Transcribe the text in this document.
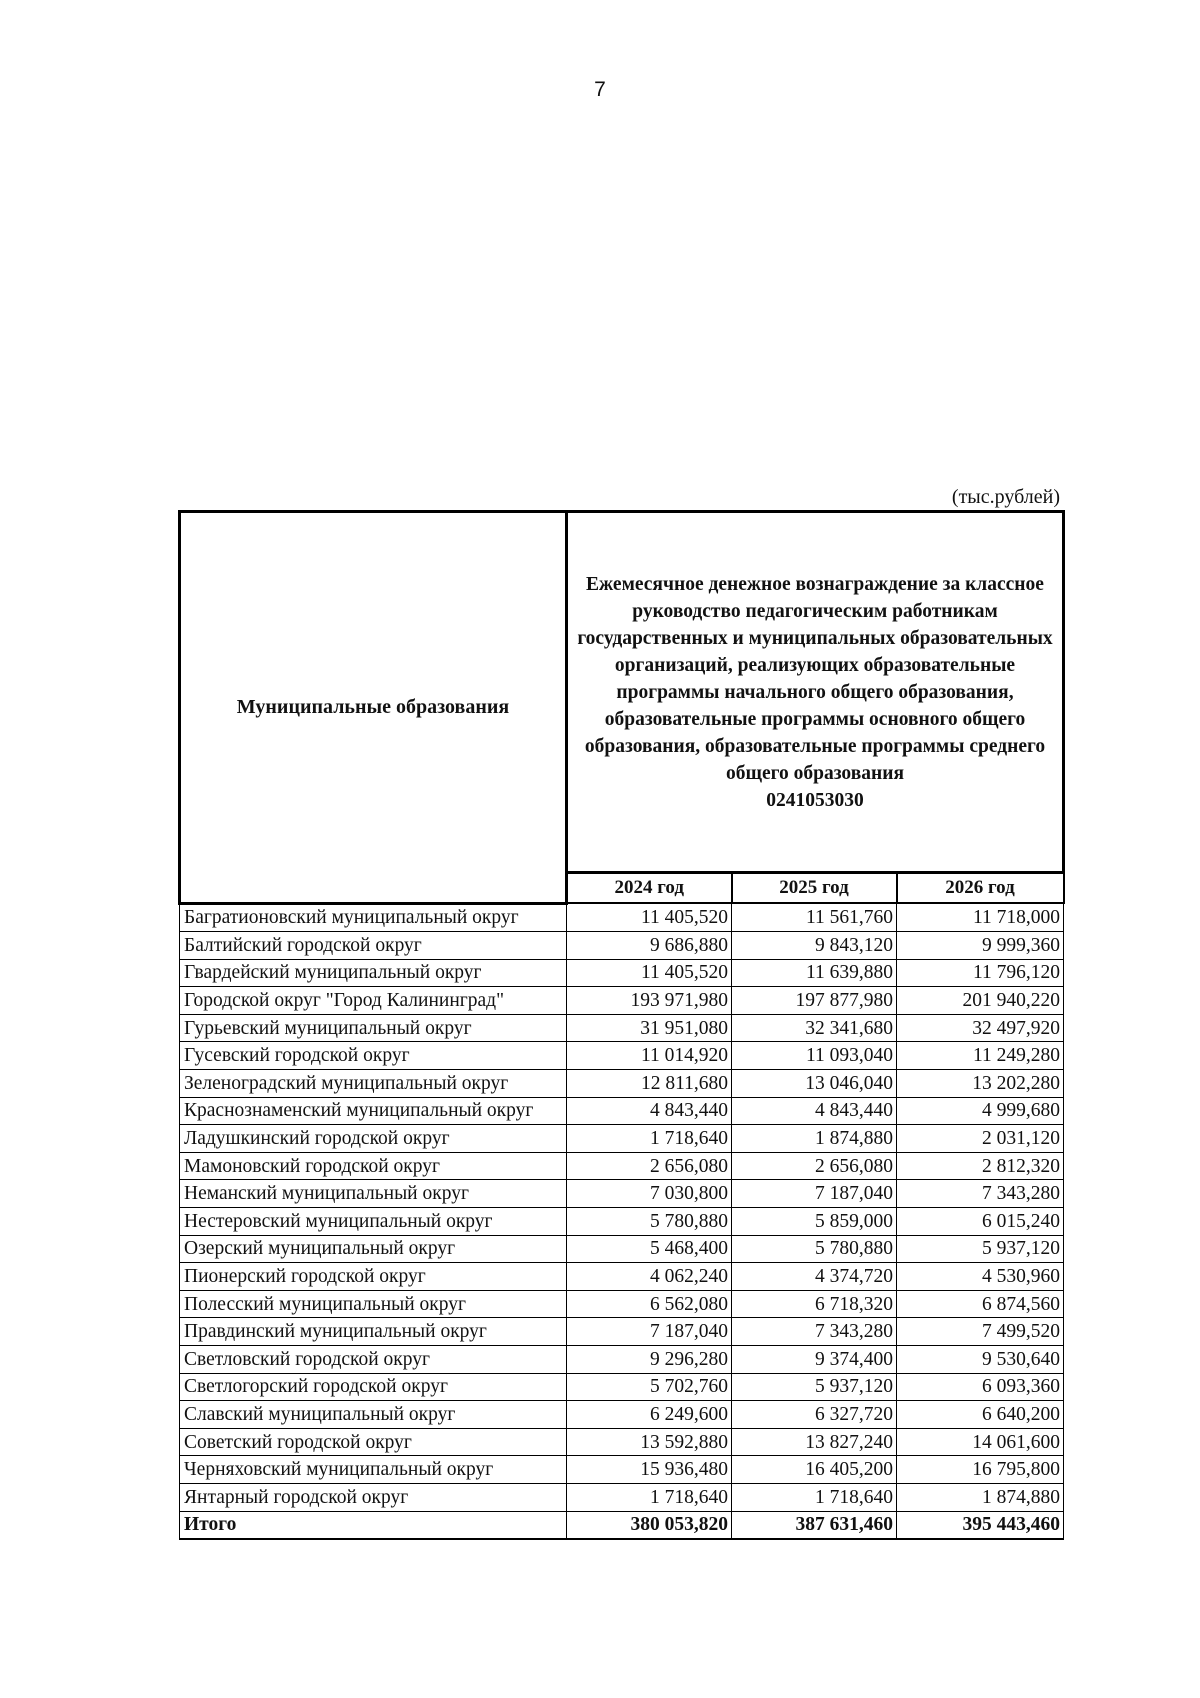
7
(тыс.рублей)
Муниципальные образования	Ежемесячное денежное вознаграждение за классное руководство педагогическим работникам государственных и муниципальных образовательных организаций, реализующих образовательные программы начального общего образования, образовательные программы основного общего образования, образовательные программы среднего общего образования
0241053030		
	2024 год	2025 год	2026 год
Багратионовский муниципальный округ	11 405,520	11 561,760	11 718,000
Балтийский городской округ	9 686,880	9 843,120	9 999,360
Гвардейский муниципальный округ	11 405,520	11 639,880	11 796,120
Городской округ "Город Калининград"	193 971,980	197 877,980	201 940,220
Гурьевский муниципальный округ	31 951,080	32 341,680	32 497,920
Гусевский городской округ	11 014,920	11 093,040	11 249,280
Зеленоградский муниципальный округ	12 811,680	13 046,040	13 202,280
Краснознаменский муниципальный округ	4 843,440	4 843,440	4 999,680
Ладушкинский городской округ	1 718,640	1 874,880	2 031,120
Мамоновский городской округ	2 656,080	2 656,080	2 812,320
Неманский муниципальный округ	7 030,800	7 187,040	7 343,280
Нестеровский муниципальный округ	5 780,880	5 859,000	6 015,240
Озерский муниципальный округ	5 468,400	5 780,880	5 937,120
Пионерский городской округ	4 062,240	4 374,720	4 530,960
Полесский муниципальный округ	6 562,080	6 718,320	6 874,560
Правдинский муниципальный округ	7 187,040	7 343,280	7 499,520
Светловский городской округ	9 296,280	9 374,400	9 530,640
Светлогорский городской округ	5 702,760	5 937,120	6 093,360
Славский муниципальный округ	6 249,600	6 327,720	6 640,200
Советский городской округ	13 592,880	13 827,240	14 061,600
Черняховский муниципальный округ	15 936,480	16 405,200	16 795,800
Янтарный городской округ	1 718,640	1 718,640	1 874,880
Итого	380 053,820	387 631,460	395 443,460
